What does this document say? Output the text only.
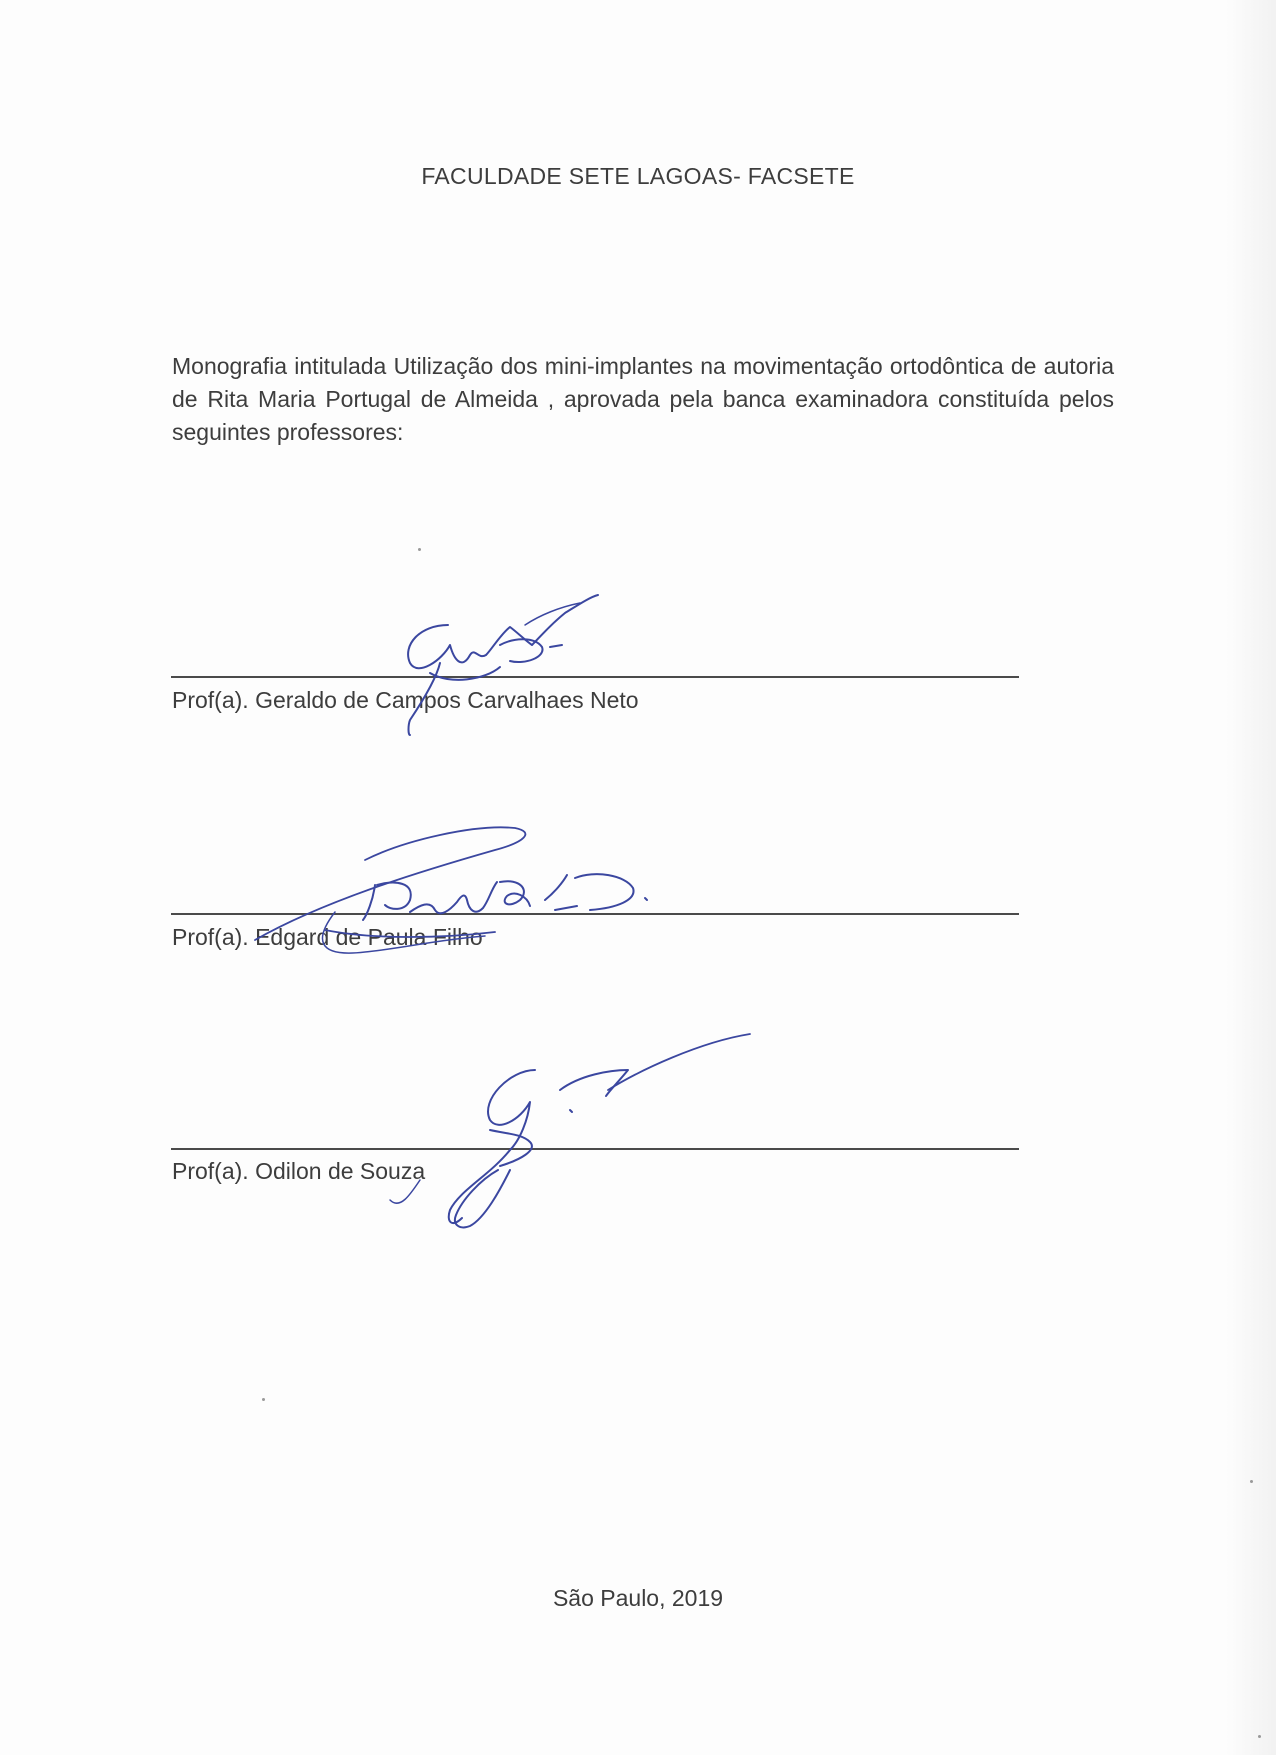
FACULDADE SETE LAGOAS- FACSETE

Monografia intitulada Utilização dos mini-implantes na movimentação ortodôntica de autoria de Rita Maria Portugal de Almeida , aprovada pela banca examinadora constituída pelos seguintes professores:

Prof(a). Geraldo de Campos Carvalhaes Neto

Prof(a). Edgard de Paula Filho

Prof(a). Odilon de Souza

São Paulo, 2019
